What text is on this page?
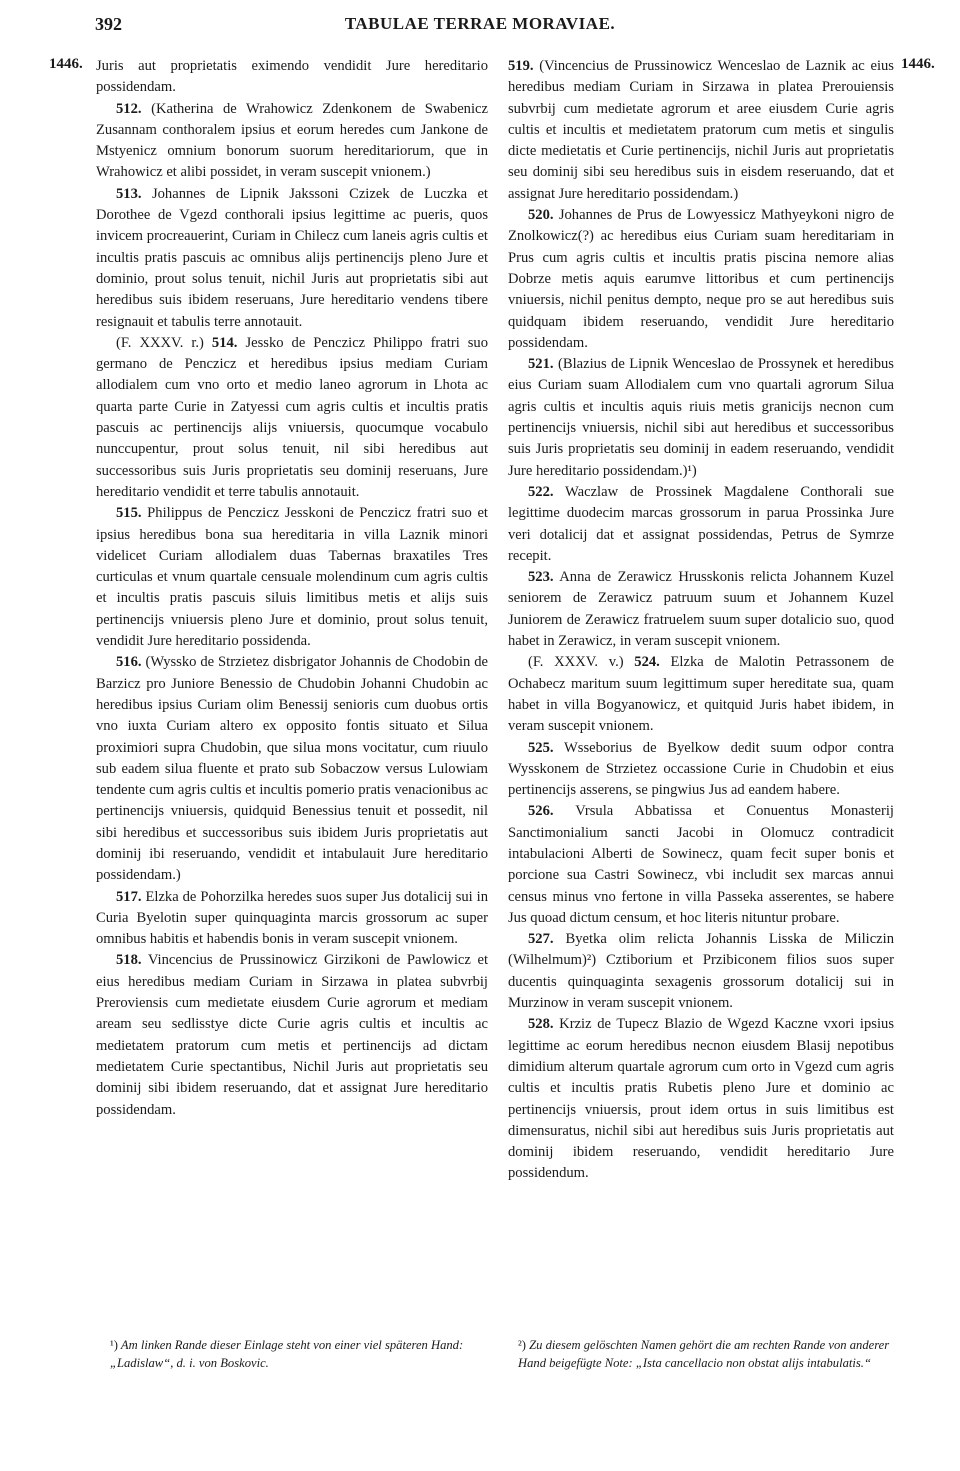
392	TABULAE TERRAE MORAVIAE.
1446.	1446.

Juris aut proprietatis eximendo vendidit Jure hereditario possidendam.

512. (Katherina de Wrahowicz Zdenkonem de Swabenicz Zusannam conthoralem ipsius et eorum heredes cum Jankone de Mstyenicz omnium bonorum suorum hereditariorum, que in Wrahowicz et alibi possidet, in veram suscepit vnionem.)

513. Johannes de Lipnik Jakssoni Czizek de Luczka et Dorothee de Vgezd conthorali ipsius legittime ac pueris, quos invicem procreauerint, Curiam in Chilecz cum laneis agris cultis et incultis pratis pascuis ac omnibus alijs pertinencijs pleno Jure et dominio, prout solus tenuit, nichil Juris aut proprietatis sibi aut heredibus suis ibidem reseruans, Jure hereditario vendens tibere resignauit et tabulis terre annotauit.

(F. XXXV. r.) 514. Jessko de Penczicz Philippo fratri suo germano de Penczicz et heredibus ipsius mediam Curiam allodialem cum vno orto et medio laneo agrorum in Lhota ac quarta parte Curie in Zatyessi cum agris cultis et incultis pratis pascuis ac pertinencijs alijs vniuersis, quocumque vocabulo nunccupentur, prout solus tenuit, nil sibi heredibus aut successoribus suis Juris proprietatis seu dominij reseruans, Jure hereditario vendidit et terre tabulis annotauit.

515. Philippus de Penczicz Jesskoni de Penczicz fratri suo et ipsius heredibus bona sua hereditaria in villa Laznik minori videlicet Curiam allodialem duas Tabernas braxatiles Tres curticulas et vnum quartale censuale molendinum cum agris cultis et incultis pratis pascuis siluis limitibus metis et alijs suis pertinencijs vniuersis pleno Jure et dominio, prout solus tenuit, vendidit Jure hereditario possidenda.

516. (Wyssko de Strzietez disbrigator Johannis de Chodobin de Barzicz pro Juniore Benessio de Chudobin Johanni Chudobin ac heredibus ipsius Curiam olim Benessij senioris cum duobus ortis vno iuxta Curiam altero ex opposito fontis situato et Silua proximiori supra Chudobin, que silua mons vocitatur, cum riuulo sub eadem silua fluente et prato sub Sobaczow versus Lulowiam tendente cum agris cultis et incultis pomerio pratis venacionibus ac pertinencijs vniuersis, quidquid Benessius tenuit et possedit, nil sibi heredibus et successoribus suis ibidem Juris proprietatis aut dominij ibi reseruando, vendidit et intabulauit Jure hereditario possidendam.)

517. Elzka de Pohorzilka heredes suos super Jus dotalicij sui in Curia Byelotin super quinquaginta marcis grossorum ac super omnibus habitis et habendis bonis in veram suscepit vnionem.

518. Vincencius de Prussinowicz Girzikoni de Pawlowicz et eius heredibus mediam Curiam in Sirzawa in platea subvrbij Preroviensis cum medietate eiusdem Curie agrorum et mediam aream seu sedlisstye dicte Curie agris cultis et incultis ac medietatem pratorum cum metis et pertinencijs ad dictam medietatem Curie spectantibus, Nichil Juris aut proprietatis seu dominij sibi ibidem reseruando, dat et assignat Jure hereditario possidendam.

519. (Vincencius de Prussinowicz Wenceslao de Laznik ac eius heredibus mediam Curiam in Sirzawa in platea Prerouiensis subvrbij cum medietate agrorum et aree eiusdem Curie agris cultis et incultis et medietatem pratorum cum metis et singulis dicte medietatis et Curie pertinencijs, nichil Juris aut proprietatis seu dominij sibi seu heredibus suis in eisdem reseruando, dat et assignat Jure hereditario possidendam.)

520. Johannes de Prus de Lowyessicz Mathyeykoni nigro de Znolkowicz(?) ac heredibus eius Curiam suam hereditariam in Prus cum agris cultis et incultis pratis piscina nemore alias Dobrze metis aquis earumve littoribus et cum pertinencijs vniuersis, nichil penitus dempto, neque pro se aut heredibus suis quidquam ibidem reseruando, vendidit Jure hereditario possidendam.

521. (Blazius de Lipnik Wenceslao de Prossynek et heredibus eius Curiam suam Allodialem cum vno quartali agrorum Silua agris cultis et incultis aquis riuis metis granicijs necnon cum pertinencijs vniuersis, nichil sibi aut heredibus et successoribus suis Juris proprietatis seu dominij in eadem reseruando, vendidit Jure hereditario possidendam.)¹)

522. Waczlaw de Prossinek Magdalene Conthorali sue legittime duodecim marcas grossorum in parua Prossinka Jure veri dotalicij dat et assignat possidendas, Petrus de Symrze recepit.

523. Anna de Zerawicz Hrusskonis relicta Johannem Kuzel seniorem de Zerawicz patruum suum et Johannem Kuzel Juniorem de Zerawicz fratruelem suum super dotalicio suo, quod habet in Zerawicz, in veram suscepit vnionem.

(F. XXXV. v.) 524. Elzka de Malotin Petrassonem de Ochabecz maritum suum legittimum super hereditate sua, quam habet in villa Bogyanowicz, et quitquid Juris habet ibidem, in veram suscepit vnionem.

525. Wsseborius de Byelkow dedit suum odpor contra Wysskonem de Strzietez occassione Curie in Chudobin et eius pertinencijs asserens, se pingwius Jus ad eandem habere.

526. Vrsula Abbatissa et Conuentus Monasterij Sanctimonialium sancti Jacobi in Olomucz contradicit intabulacioni Alberti de Sowinecz, quam fecit super bonis et porcione sua Castri Sowinecz, vbi includit sex marcas annui census minus vno fertone in villa Passeka asserentes, se habere Jus quoad dictum censum, et hoc literis nituntur probare.

527. Byetka olim relicta Johannis Lisska de Miliczin (Wilhelmum)²) Cztiborium et Przibiconem filios suos super ducentis quinquaginta sexagenis grossorum dotalicij sui in Murzinow in veram suscepit vnionem.

528. Krziz de Tupecz Blazio de Wgezd Kaczne vxori ipsius legittime ac eorum heredibus necnon eiusdem Blasij nepotibus dimidium alterum quartale agrorum cum orto in Vgezd cum agris cultis et incultis pratis Rubetis pleno Jure et dominio ac pertinencijs vniuersis, prout idem ortus in suis limitibus est dimensuratus, nichil sibi aut heredibus suis Juris proprietatis aut dominij ibidem reseruando, vendidit hereditario Jure possidendum.

¹) Am linken Rande dieser Einlage steht von einer viel späteren Hand: „Ladislaw“, d. i. von Boskovic.
²) Zu diesem gelöschten Namen gehört die am rechten Rande von anderer Hand beigefügte Note: „Ista cancellacio non obstat alijs intabulatis.“
